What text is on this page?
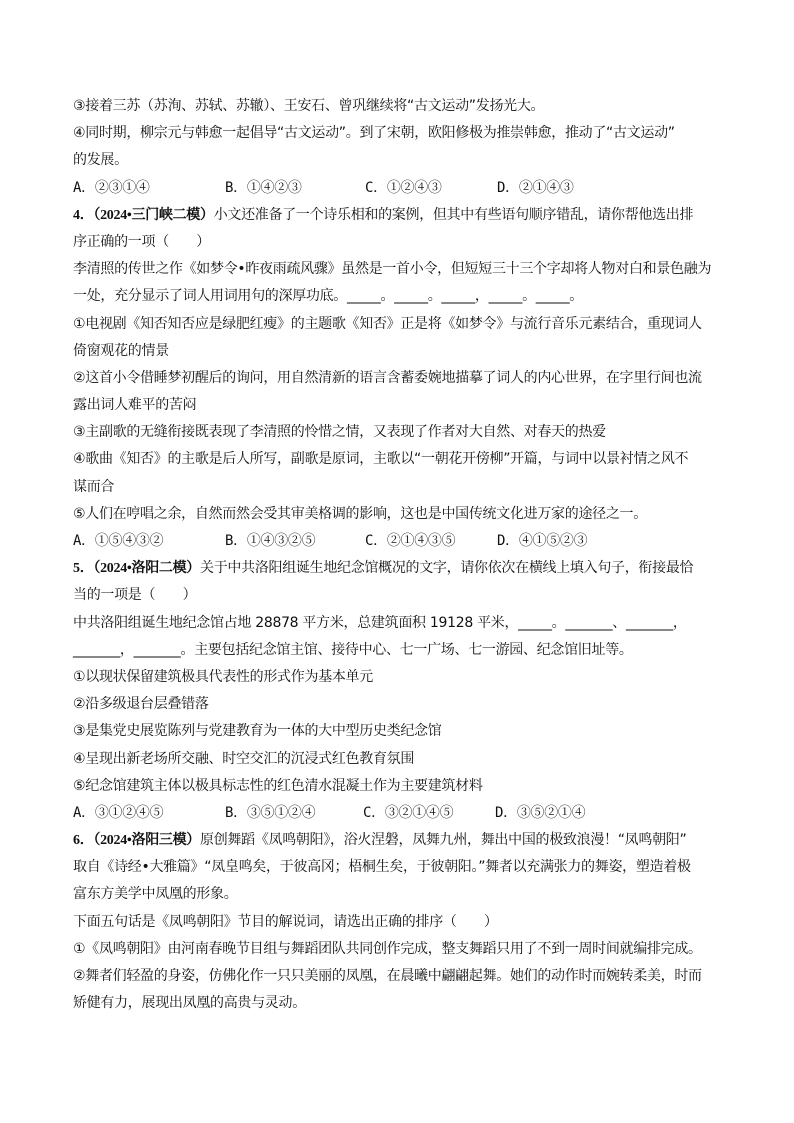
③接着三苏（苏洵、苏轼、苏辙）、王安石、曾巩继续将“古文运动”发扬光大。
④同时期，柳宗元与韩愈一起倡导“古文运动”。到了宋朝，欧阳修极为推崇韩愈，推动了“古文运动”
的发展。
A．②③①④	B．①④②③	C．①②④③	D．②①④③
4．（2024•三门峡二模）小文还准备了一个诗乐相和的案例，但其中有些语句顺序错乱，请你帮他选出排
序正确的一项（　　）
李清照的传世之作《如梦令•昨夜雨疏风骤》虽然是一首小令，但短短三十三个字却将人物对白和景色融为
一处，充分显示了词人用词用句的深厚功底。_____。_____。_____，_____。_____。
①电视剧《知否知否应是绿肥红瘦》的主题歌《知否》正是将《如梦令》与流行音乐元素结合，重现词人
倚窗观花的情景
②这首小令借睡梦初醒后的询问，用自然清新的语言含蓄委婉地描摹了词人的内心世界，在字里行间也流
露出词人难平的苦闷
③主副歌的无缝衔接既表现了李清照的怜惜之情，又表现了作者对大自然、对春天的热爱
④歌曲《知否》的主歌是后人所写，副歌是原词，主歌以“一朝花开傍柳”开篇，与词中以景衬情之风不
谋而合
⑤人们在哼唱之余，自然而然会受其审美格调的影响，这也是中国传统文化进万家的途径之一。
A．①⑤④③②	B．①④③②⑤	C．②①④③⑤	D．④①⑤②③
5．（2024•洛阳二模）关于中共洛阳组诞生地纪念馆概况的文字，请你依次在横线上填入句子，衔接最恰
当的一项是（　　）
中共洛阳组诞生地纪念馆占地 28878 平方米，总建筑面积 19128 平米，_____。_______、_______，
_______，_______。主要包括纪念馆主馆、接待中心、七一广场、七一游园、纪念馆旧址等。
①以现状保留建筑极具代表性的形式作为基本单元
②沿多级退台层叠错落
③是集党史展览陈列与党建教育为一体的大中型历史类纪念馆
④呈现出新老场所交融、时空交汇的沉浸式红色教育氛围
⑤纪念馆建筑主体以极具标志性的红色清水混凝土作为主要建筑材料
A．③①②④⑤	B．③⑤①②④	C．③②①④⑤	D．③⑤②①④
6．（2024•洛阳三模）原创舞蹈《凤鸣朝阳》，浴火涅磐，凤舞九州，舞出中国的极致浪漫！“凤鸣朝阳”
取自《诗经•大雅篇》“凤皇鸣矣，于彼高冈；梧桐生矣，于彼朝阳。”舞者以充满张力的舞姿，塑造着极
富东方美学中凤凰的形象。
下面五句话是《凤鸣朝阳》节目的解说词，请选出正确的排序（　　）
①《凤鸣朝阳》由河南春晚节目组与舞蹈团队共同创作完成，整支舞蹈只用了不到一周时间就编排完成。
②舞者们轻盈的身姿，仿佛化作一只只美丽的凤凰，在晨曦中翩翩起舞。她们的动作时而婉转柔美，时而
矫健有力，展现出凤凰的高贵与灵动。
